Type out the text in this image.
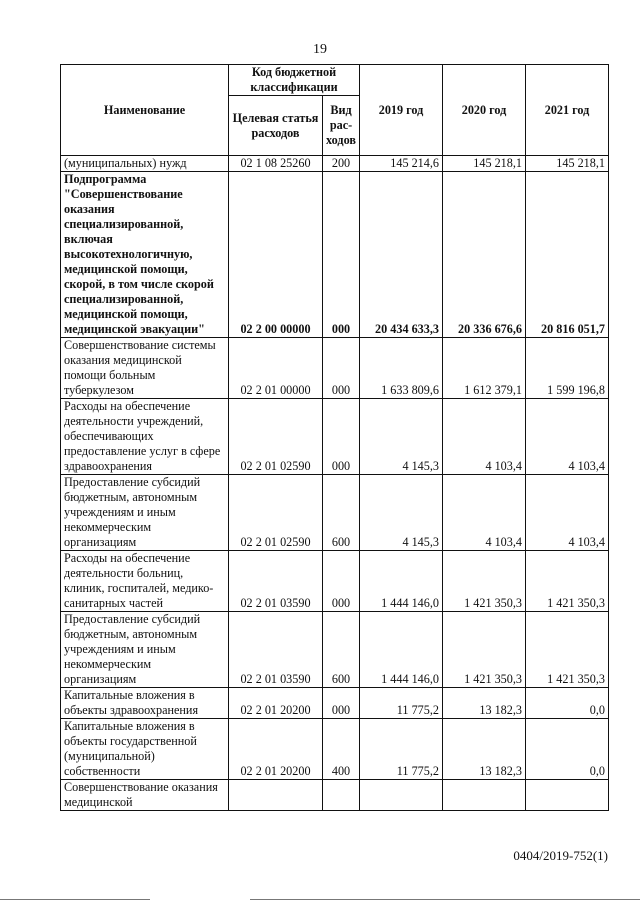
19
Наименование	Код бюджетной классификации		2019 год	2020 год	2021 год
	Целевая статья расходов	Вид рас-ходов			
(муниципальных) нужд	02 1 08 25260	200	145 214,6	145 218,1	145 218,1
Подпрограмма "Совершенствование оказания специализированной, включая высокотехнологичную, медицинской помощи, скорой, в том числе скорой специализированной, медицинской помощи, медицинской эвакуации"	02 2 00 00000	000	20 434 633,3	20 336 676,6	20 816 051,7
Совершенствование системы оказания медицинской помощи больным туберкулезом	02 2 01 00000	000	1 633 809,6	1 612 379,1	1 599 196,8
Расходы на обеспечение деятельности учреждений, обеспечивающих предоставление услуг в сфере здравоохранения	02 2 01 02590	000	4 145,3	4 103,4	4 103,4
Предоставление субсидий бюджетным, автономным учреждениям и иным некоммерческим организациям	02 2 01 02590	600	4 145,3	4 103,4	4 103,4
Расходы на обеспечение деятельности больниц, клиник, госпиталей, медико-санитарных частей	02 2 01 03590	000	1 444 146,0	1 421 350,3	1 421 350,3
Предоставление субсидий бюджетным, автономным учреждениям и иным некоммерческим организациям	02 2 01 03590	600	1 444 146,0	1 421 350,3	1 421 350,3
Капитальные вложения в объекты здравоохранения	02 2 01 20200	000	11 775,2	13 182,3	0,0
Капитальные вложения в объекты государственной (муниципальной) собственности	02 2 01 20200	400	11 775,2	13 182,3	0,0
Совершенствование оказания медицинской					
0404/2019-752(1)
